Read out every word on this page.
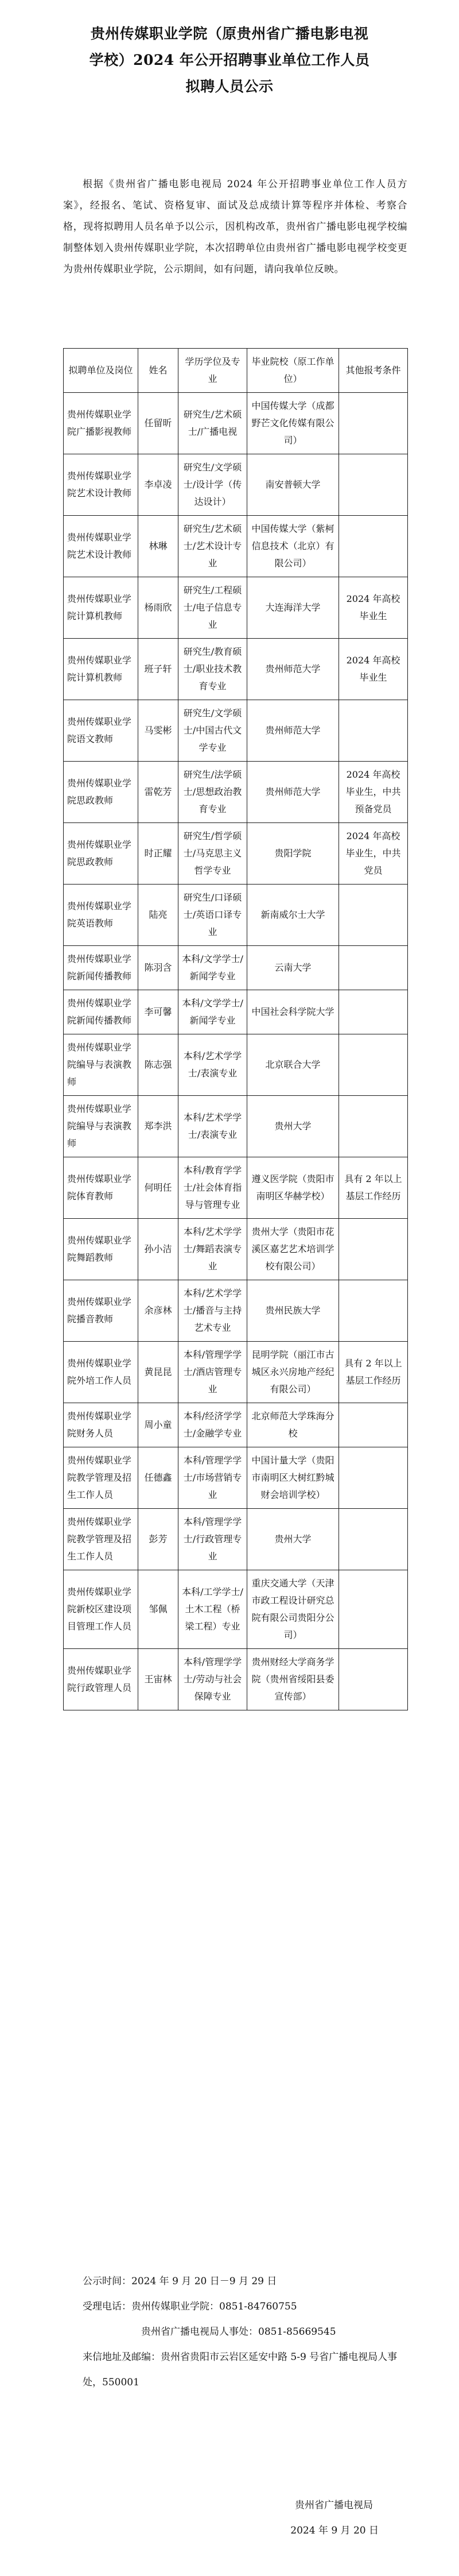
贵州传媒职业学院（原贵州省广播电影电视
学校）2024 年公开招聘事业单位工作人员
拟聘人员公示

根据《贵州省广播电影电视局 2024 年公开招聘事业单位工作人员方案》，经报名、笔试、资格复审、面试及总成绩计算等程序并体检、考察合格，现将拟聘用人员名单予以公示，因机构改革，贵州省广播电影电视学校编制整体划入贵州传媒职业学院，本次招聘单位由贵州省广播电影电视学校变更为贵州传媒职业学院，公示期间，如有问题，请向我单位反映。

拟聘单位及岗位	姓名	学历学位及专业	毕业院校（原工作单位）	其他报考条件
贵州传媒职业学院广播影视教师	任留昕	研究生/艺术硕士/广播电视	中国传媒大学（成都野芒文化传媒有限公司）	
贵州传媒职业学院艺术设计教师	李卓凌	研究生/文学硕士/设计学（传达设计）	南安普顿大学	
贵州传媒职业学院艺术设计教师	林琳	研究生/艺术硕士/艺术设计专业	中国传媒大学（紫柯信息技术（北京）有限公司）	
贵州传媒职业学院计算机教师	杨雨欣	研究生/工程硕士/电子信息专业	大连海洋大学	2024 年高校毕业生
贵州传媒职业学院计算机教师	班子轩	研究生/教育硕士/职业技术教育专业	贵州师范大学	2024 年高校毕业生
贵州传媒职业学院语文教师	马雯彬	研究生/文学硕士/中国古代文学专业	贵州师范大学	
贵州传媒职业学院思政教师	雷乾芳	研究生/法学硕士/思想政治教育专业	贵州师范大学	2024 年高校毕业生，中共预备党员
贵州传媒职业学院思政教师	时正耀	研究生/哲学硕士/马克思主义哲学专业	贵阳学院	2024 年高校毕业生，中共党员
贵州传媒职业学院英语教师	陆亮	研究生/口译硕士/英语口译专业	新南威尔士大学	
贵州传媒职业学院新闻传播教师	陈羽含	本科/文学学士/新闻学专业	云南大学	
贵州传媒职业学院新闻传播教师	李可馨	本科/文学学士/新闻学专业	中国社会科学院大学	
贵州传媒职业学院编导与表演教师	陈志强	本科/艺术学学士/表演专业	北京联合大学	
贵州传媒职业学院编导与表演教师	郑李洪	本科/艺术学学士/表演专业	贵州大学	
贵州传媒职业学院体育教师	何明任	本科/教育学学士/社会体育指导与管理专业	遵义医学院（贵阳市南明区华赫学校）	具有 2 年以上基层工作经历
贵州传媒职业学院舞蹈教师	孙小洁	本科/艺术学学士/舞蹈表演专业	贵州大学（贵阳市花溪区嘉艺艺术培训学校有限公司）	
贵州传媒职业学院播音教师	余彦林	本科/艺术学学士/播音与主持艺术专业	贵州民族大学	
贵州传媒职业学院外培工作人员	黄昆昆	本科/管理学学士/酒店管理专业	昆明学院（丽江市古城区永兴房地产经纪有限公司）	具有 2 年以上基层工作经历
贵州传媒职业学院财务人员	周小童	本科/经济学学士/金融学专业	北京师范大学珠海分校	
贵州传媒职业学院教学管理及招生工作人员	任德鑫	本科/管理学学士/市场营销专业	中国计量大学（贵阳市南明区大树红黔城财会培训学校）	
贵州传媒职业学院教学管理及招生工作人员	彭芳	本科/管理学学士/行政管理专业	贵州大学	
贵州传媒职业学院新校区建设项目管理工作人员	邹佩	本科/工学学士/土木工程（桥梁工程）专业	重庆交通大学（天津市政工程设计研究总院有限公司贵阳分公司）	
贵州传媒职业学院行政管理人员	王宙林	本科/管理学学士/劳动与社会保障专业	贵州财经大学商务学院（贵州省绥阳县委宣传部）	
公示时间：2024 年 9 月 20 日－9 月 29 日
受理电话：贵州传媒职业学院：0851-84760755
贵州省广播电视局人事处：0851-85669545
来信地址及邮编：贵州省贵阳市云岩区延安中路 5-9 号省广播电视局人事处，550001
贵州省广播电视局
2024 年 9 月 20 日
